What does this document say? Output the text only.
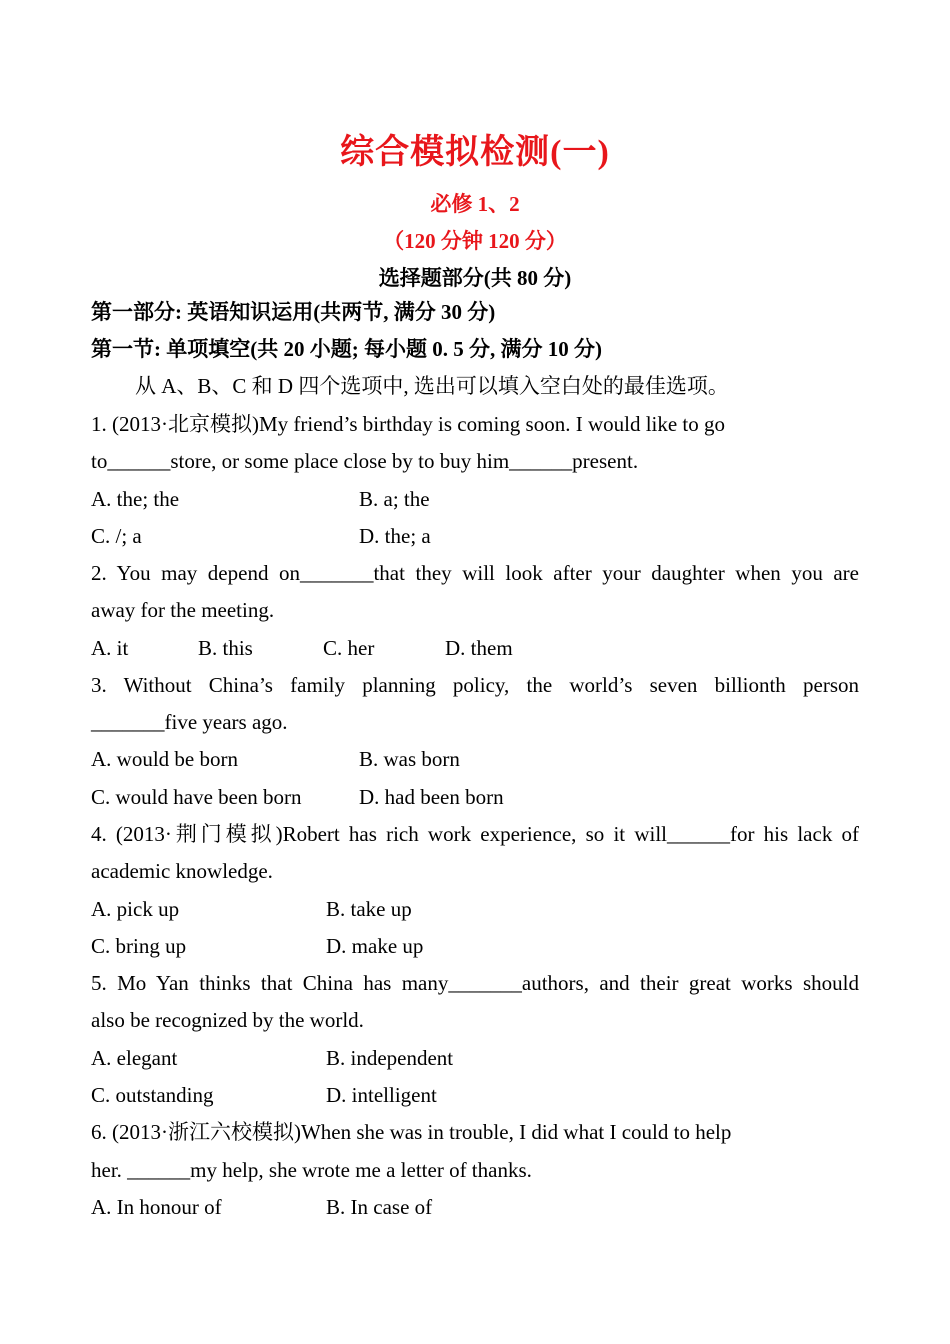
综合模拟检测(一)
必修 1、2
（120 分钟 120 分）
选择题部分(共 80 分)
第一部分: 英语知识运用(共两节, 满分 30 分)
第一节: 单项填空(共 20 小题; 每小题 0. 5 分, 满分 10 分)
从 A、B、C 和 D 四个选项中, 选出可以填入空白处的最佳选项。
1. (2013·北京模拟)My friend’s birthday is coming soon. I would like to go
to______store, or some place close by to buy him______present.
A. the; the	B. a; the
C. /; a	D. the; a
2. You may depend on_______that they will look after your daughter when you are
away for the meeting.
A. it	B. this	C. her	D. them
3. Without China’s family planning policy, the world’s seven billionth person
_______five years ago.
A. would be born	B. was born
C. would have been born	D. had been born
4. (2013·荆门模拟)Robert has rich work experience, so it will______for his lack of
academic knowledge.
A. pick up	B. take up
C. bring up	D. make up
5. Mo Yan thinks that China has many_______authors, and their great works should
also be recognized by the world.
A. elegant	B. independent
C. outstanding	D. intelligent
6. (2013·浙江六校模拟)When she was in trouble, I did what I could to help
her. ______my help, she wrote me a letter of thanks.
A. In honour of	B. In case of
